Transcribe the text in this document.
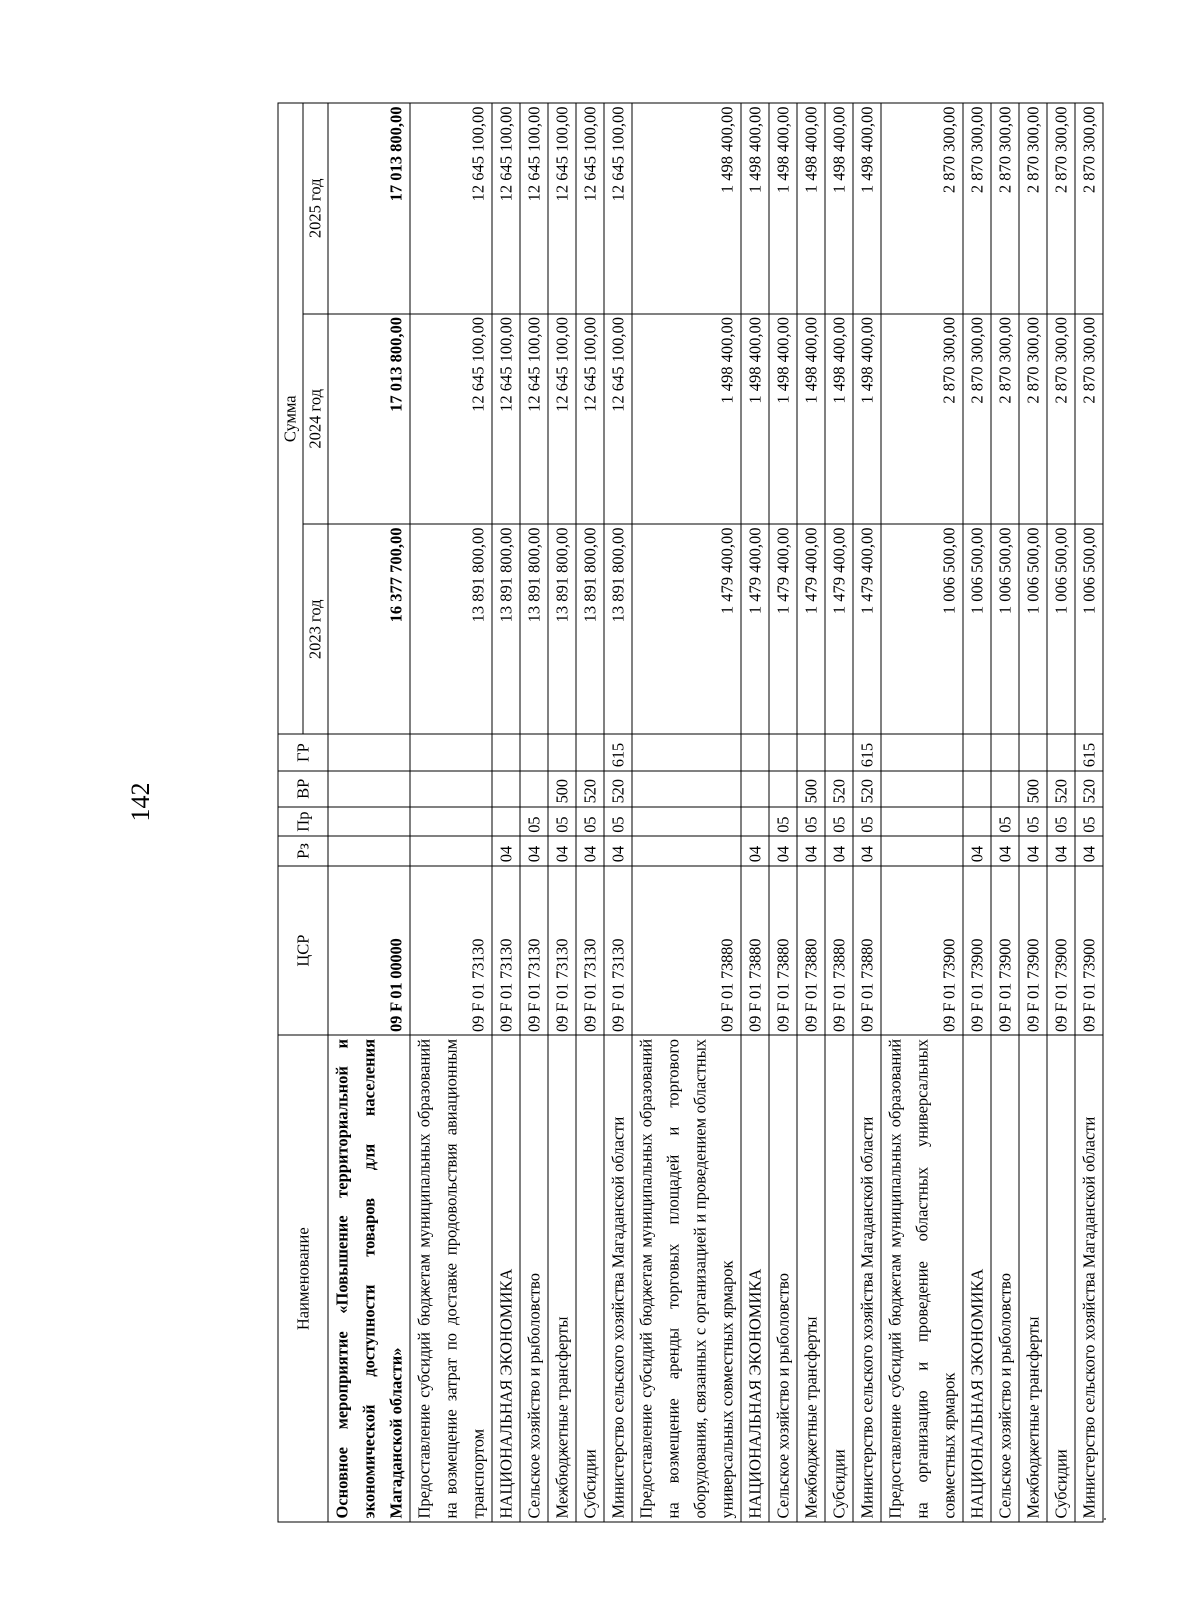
142
Наименование	ЦСР	Рз	Пр	ВР	ГР	Сумма		
						2023 год	2024 год	2025 год
Основное мероприятие «Повышение территориальной и экономической доступности товаров для населения Магаданской области»	09 F 01 00000					16 377 700,00	17 013 800,00	17 013 800,00
Предоставление субсидий бюджетам муниципальных образований на возмещение затрат по доставке продовольствия авиационным транспортом	09 F 01 73130					13 891 800,00	12 645 100,00	12 645 100,00
НАЦИОНАЛЬНАЯ ЭКОНОМИКА	09 F 01 73130	04				13 891 800,00	12 645 100,00	12 645 100,00
Сельское хозяйство и рыболовство	09 F 01 73130	04	05			13 891 800,00	12 645 100,00	12 645 100,00
Межбюджетные трансферты	09 F 01 73130	04	05	500		13 891 800,00	12 645 100,00	12 645 100,00
Субсидии	09 F 01 73130	04	05	520		13 891 800,00	12 645 100,00	12 645 100,00
Министерство сельского хозяйства Магаданской области	09 F 01 73130	04	05	520	615	13 891 800,00	12 645 100,00	12 645 100,00
Предоставление субсидий бюджетам муниципальных образований на возмещение аренды торговых площадей и торгового оборудования, связанных с организацией и проведением областных универсальных совместных ярмарок	09 F 01 73880					1 479 400,00	1 498 400,00	1 498 400,00
НАЦИОНАЛЬНАЯ ЭКОНОМИКА	09 F 01 73880	04				1 479 400,00	1 498 400,00	1 498 400,00
Сельское хозяйство и рыболовство	09 F 01 73880	04	05			1 479 400,00	1 498 400,00	1 498 400,00
Межбюджетные трансферты	09 F 01 73880	04	05	500		1 479 400,00	1 498 400,00	1 498 400,00
Субсидии	09 F 01 73880	04	05	520		1 479 400,00	1 498 400,00	1 498 400,00
Министерство сельского хозяйства Магаданской области	09 F 01 73880	04	05	520	615	1 479 400,00	1 498 400,00	1 498 400,00
Предоставление субсидий бюджетам муниципальных образований на организацию и проведение областных универсальных совместных ярмарок	09 F 01 73900					1 006 500,00	2 870 300,00	2 870 300,00
НАЦИОНАЛЬНАЯ ЭКОНОМИКА	09 F 01 73900	04				1 006 500,00	2 870 300,00	2 870 300,00
Сельское хозяйство и рыболовство	09 F 01 73900	04	05			1 006 500,00	2 870 300,00	2 870 300,00
Межбюджетные трансферты	09 F 01 73900	04	05	500		1 006 500,00	2 870 300,00	2 870 300,00
Субсидии	09 F 01 73900	04	05	520		1 006 500,00	2 870 300,00	2 870 300,00
Министерство сельского хозяйства Магаданской области	09 F 01 73900	04	05	520	615	1 006 500,00	2 870 300,00	2 870 300,00
